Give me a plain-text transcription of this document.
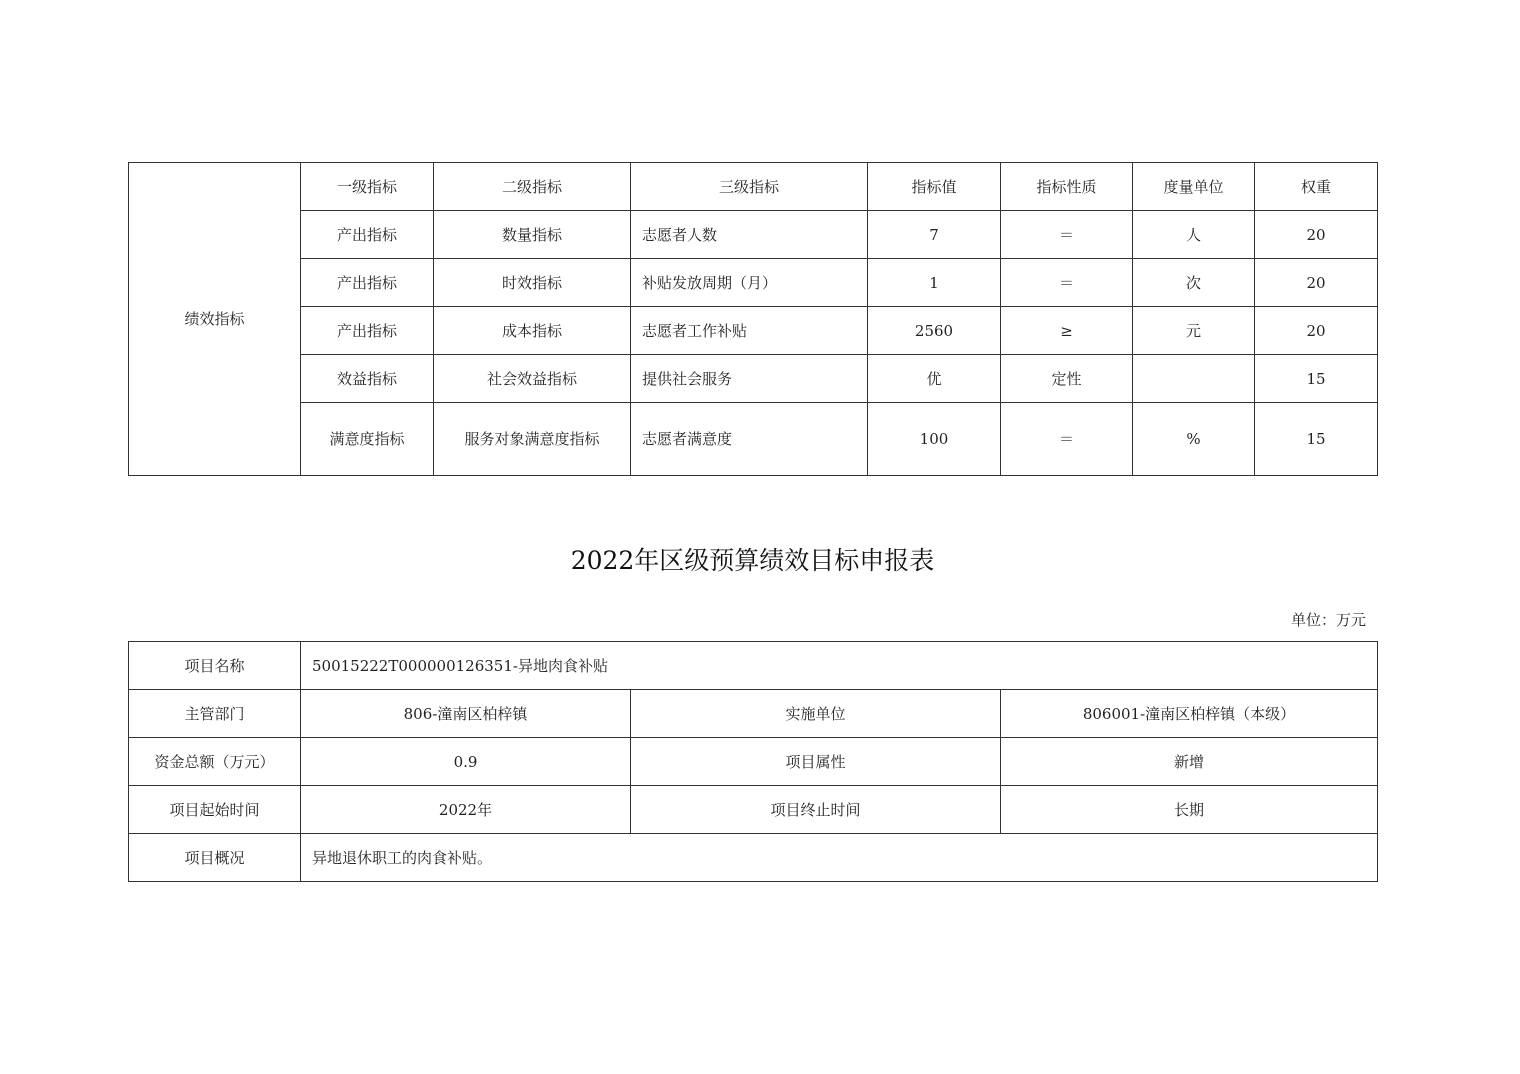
绩效指标	一级指标	二级指标	三级指标	指标值	指标性质	度量单位	权重
	产出指标	数量指标	志愿者人数	7	＝	人	20
	产出指标	时效指标	补贴发放周期（月）	1	＝	次	20
	产出指标	成本指标	志愿者工作补贴	2560	≥	元	20
	效益指标	社会效益指标	提供社会服务	优	定性		15
	满意度指标	服务对象满意度指标	志愿者满意度	100	＝	%	15
2022年区级预算绩效目标申报表
单位：万元
项目名称	50015222T000000126351-异地肉食补贴		
主管部门	806-潼南区柏梓镇	实施单位	806001-潼南区柏梓镇（本级）
资金总额（万元）	0.9	项目属性	新增
项目起始时间	2022年	项目终止时间	长期
项目概况	异地退休职工的肉食补贴。		
